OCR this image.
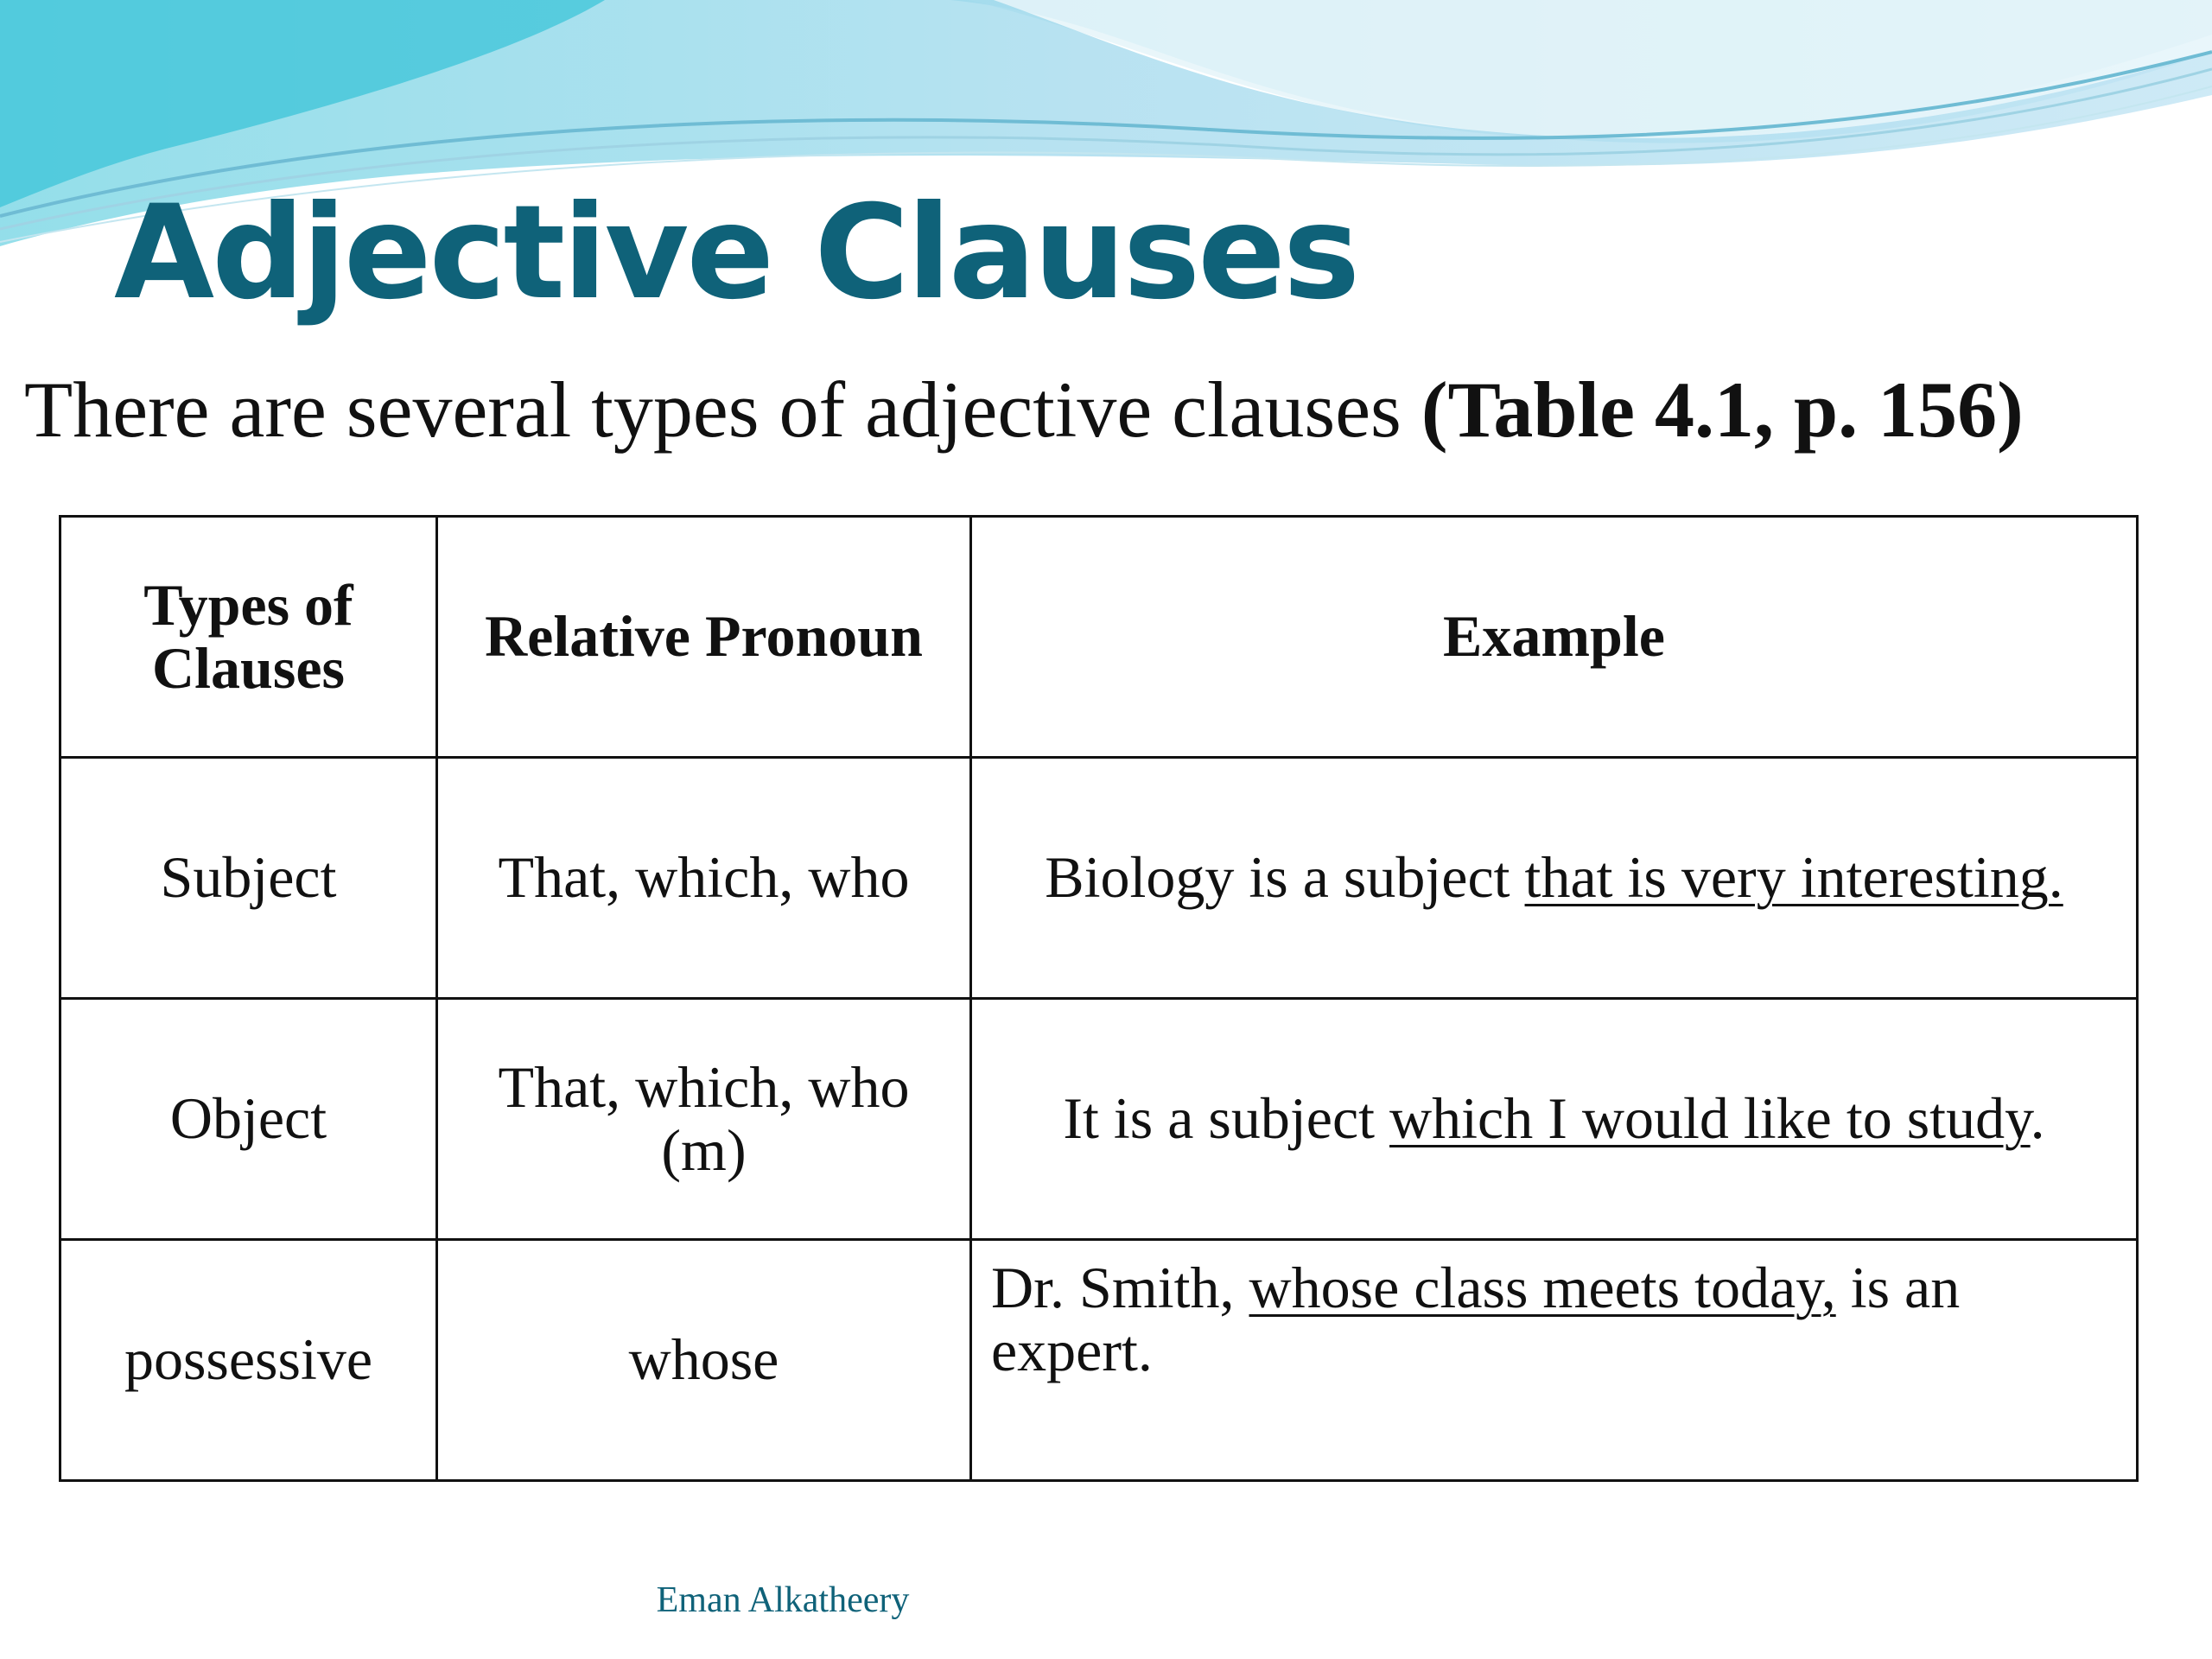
Adjective Clauses
There are several types of adjective clauses (Table 4.1, p. 156)
Types of Clauses	Relative Pronoun	Example
Subject	That, which, who	Biology is a subject that is very interesting.
Object	That, which, who (m)	It is a subject which I would like to study.
possessive	whose	Dr. Smith, whose class meets today, is an expert.
Eman Alkatheery
